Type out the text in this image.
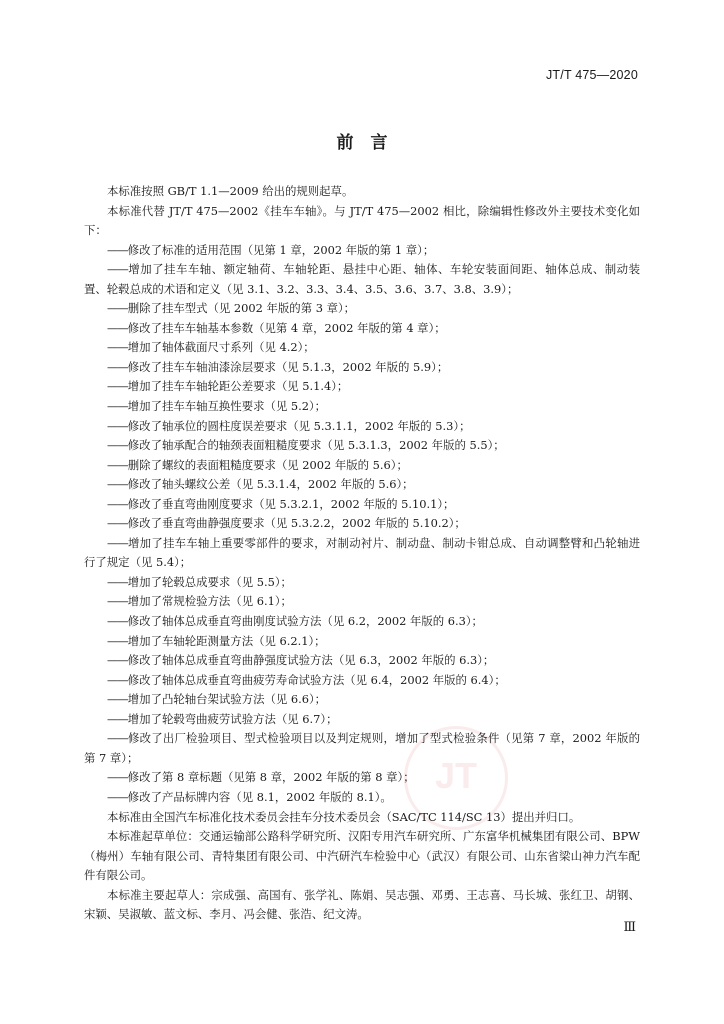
JT/T 475—2020
前　言
JT

本标准按照 GB/T 1.1—2009 给出的规则起草。

本标准代替 JT/T 475—2002《挂车车轴》。与 JT/T 475—2002 相比，除编辑性修改外主要技术变化如下：

——修改了标准的适用范围（见第 1 章，2002 年版的第 1 章）；

——增加了挂车车轴、额定轴荷、车轴轮距、悬挂中心距、轴体、车轮安装面间距、轴体总成、制动装置、轮毂总成的术语和定义（见 3.1、3.2、3.3、3.4、3.5、3.6、3.7、3.8、3.9）；

——删除了挂车型式（见 2002 年版的第 3 章）；

——修改了挂车车轴基本参数（见第 4 章，2002 年版的第 4 章）；

——增加了轴体截面尺寸系列（见 4.2）；

——修改了挂车车轴油漆涂层要求（见 5.1.3，2002 年版的 5.9）；

——增加了挂车车轴轮距公差要求（见 5.1.4）；

——增加了挂车车轴互换性要求（见 5.2）；

——修改了轴承位的圆柱度误差要求（见 5.3.1.1，2002 年版的 5.3）；

——修改了轴承配合的轴颈表面粗糙度要求（见 5.3.1.3，2002 年版的 5.5）；

——删除了螺纹的表面粗糙度要求（见 2002 年版的 5.6）；

——修改了轴头螺纹公差（见 5.3.1.4，2002 年版的 5.6）；

——修改了垂直弯曲刚度要求（见 5.3.2.1，2002 年版的 5.10.1）；

——修改了垂直弯曲静强度要求（见 5.3.2.2，2002 年版的 5.10.2）；

——增加了挂车车轴上重要零部件的要求，对制动衬片、制动盘、制动卡钳总成、自动调整臂和凸轮轴进行了规定（见 5.4）；

——增加了轮毂总成要求（见 5.5）；

——增加了常规检验方法（见 6.1）；

——修改了轴体总成垂直弯曲刚度试验方法（见 6.2，2002 年版的 6.3）；

——增加了车轴轮距测量方法（见 6.2.1）；

——修改了轴体总成垂直弯曲静强度试验方法（见 6.3，2002 年版的 6.3）；

——修改了轴体总成垂直弯曲疲劳寿命试验方法（见 6.4，2002 年版的 6.4）；

——增加了凸轮轴台架试验方法（见 6.6）；

——增加了轮毂弯曲疲劳试验方法（见 6.7）；

——修改了出厂检验项目、型式检验项目以及判定规则，增加了型式检验条件（见第 7 章，2002 年版的第 7 章）；

——修改了第 8 章标题（见第 8 章，2002 年版的第 8 章）；

——修改了产品标牌内容（见 8.1，2002 年版的 8.1）。

本标准由全国汽车标准化技术委员会挂车分技术委员会（SAC/TC 114/SC 13）提出并归口。

本标准起草单位：交通运输部公路科学研究所、汉阳专用汽车研究所、广东富华机械集团有限公司、BPW（梅州）车轴有限公司、青特集团有限公司、中汽研汽车检验中心（武汉）有限公司、山东省梁山神力汽车配件有限公司。

本标准主要起草人：宗成强、高国有、张学礼、陈娟、吴志强、邓勇、王志喜、马长城、张红卫、胡钢、宋颖、吴淑敏、蓝文标、李月、冯会健、张浩、纪文涛。

Ⅲ
